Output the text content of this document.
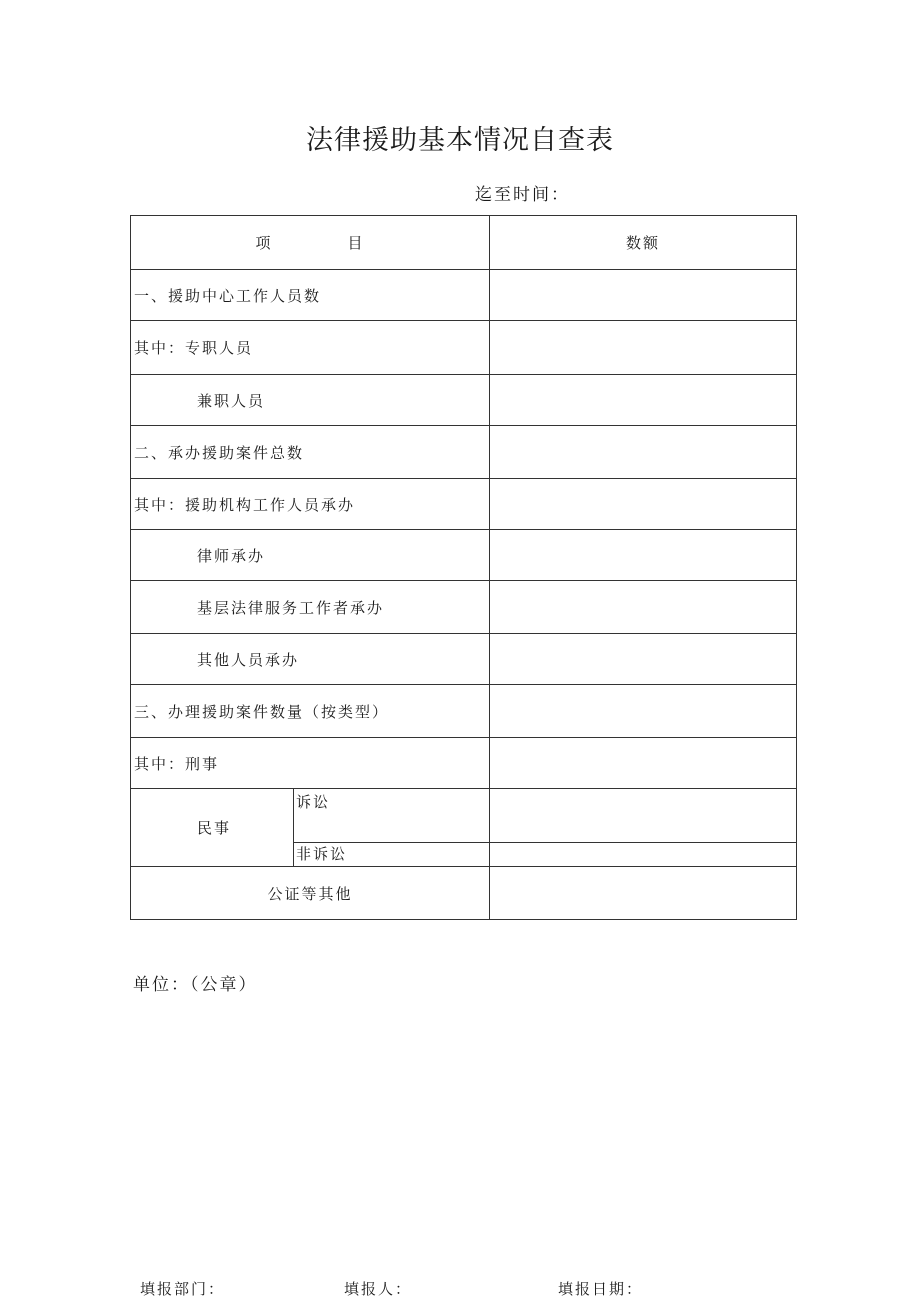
法律援助基本情况自查表
迄至时间：
项 目		数额
一、援助中心工作人员数		
其中：专职人员		
兼职人员		
二、承办援助案件总数		
其中：援助机构工作人员承办		
律师承办		
基层法律服务工作者承办		
其他人员承办		
三、办理援助案件数量（按类型）		
其中：刑事		
民事	诉讼	
	非诉讼	
公证等其他		
单位：（公章）
填报部门：	填报人：	填报日期：
